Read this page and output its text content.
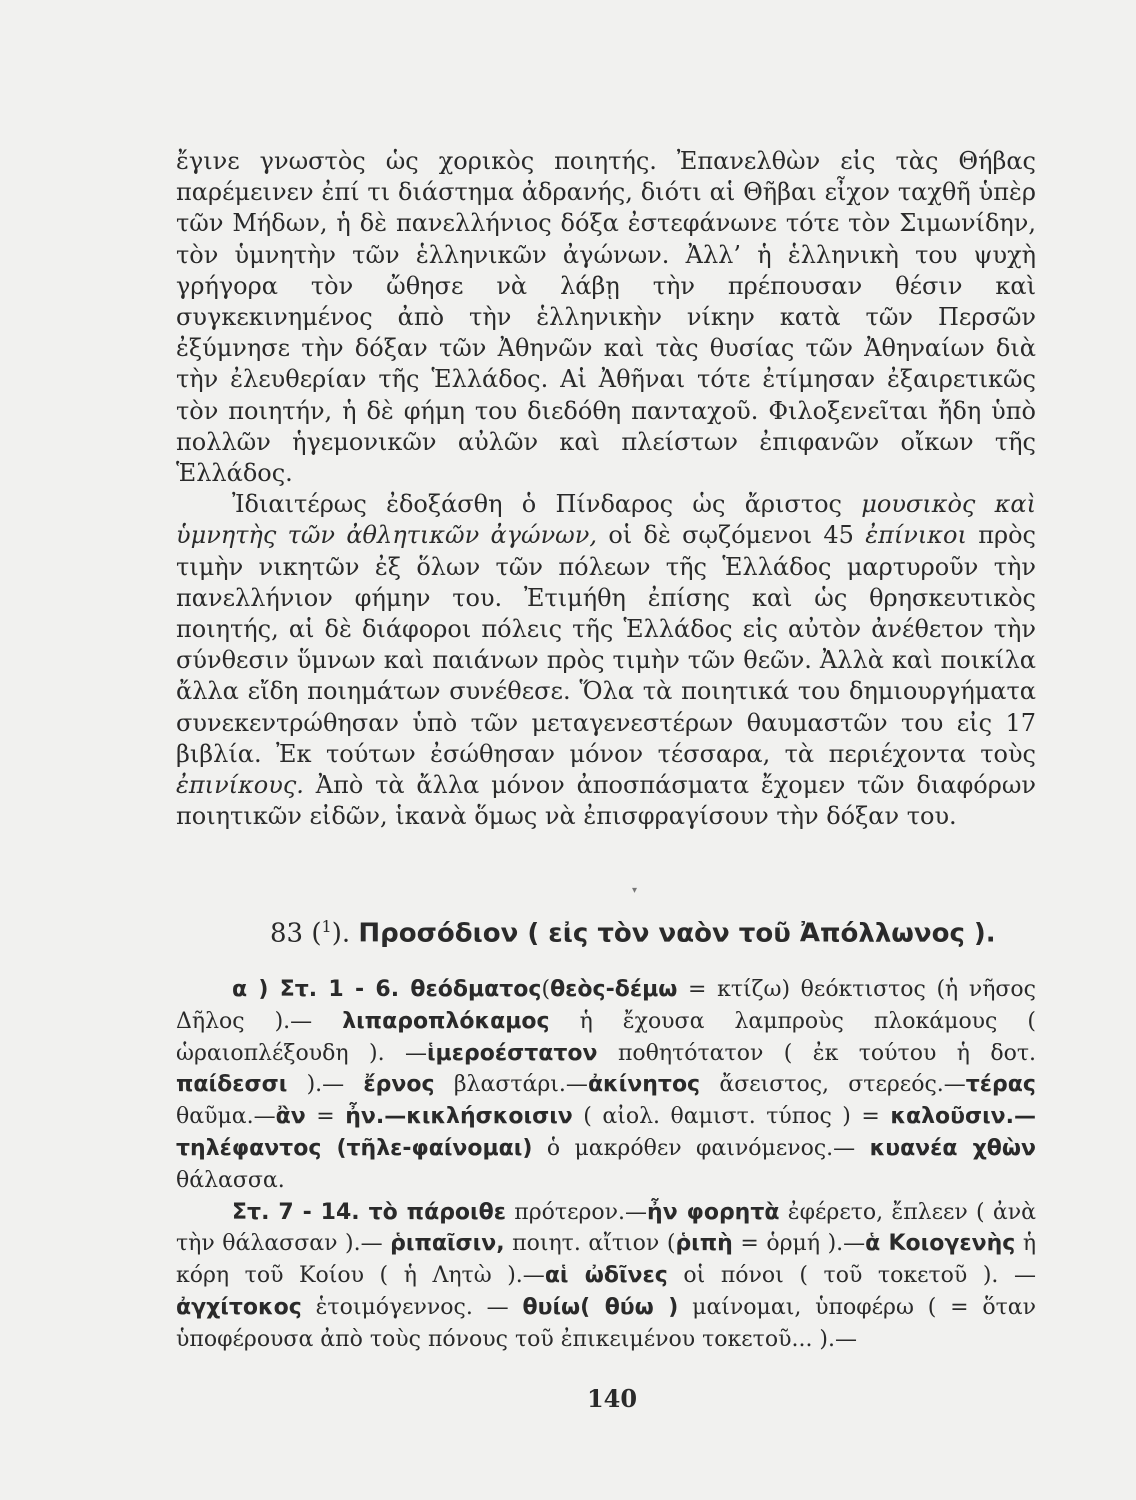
ἔγινε γνωστὸς ὡς χορικὸς ποιητής. Ἐπανελθὼν εἰς τὰς Θήβας παρέμεινεν ἐπί τι διάστημα ἀδρανής, διότι αἱ Θῆβαι εἶχον ταχθῆ ὑπὲρ τῶν Μήδων, ἡ δὲ πανελλήνιος δόξα ἐστεφάνωνε τότε τὸν Σιμωνίδην, τὸν ὑμνητὴν τῶν ἑλληνικῶν ἀγώνων. Ἀλλ’ ἡ ἑλληνικὴ του ψυχὴ γρήγορα τὸν ὤθησε νὰ λάβῃ τὴν πρέπουσαν θέσιν καὶ συγκεκινημένος ἀπὸ τὴν ἑλληνικὴν νίκην κατὰ τῶν Περσῶν ἐξύμνησε τὴν δόξαν τῶν Ἀθηνῶν καὶ τὰς θυσίας τῶν Ἀθηναίων διὰ τὴν ἐλευθερίαν τῆς Ἑλλάδος. Αἱ Ἀθῆναι τότε ἐτίμησαν ἐξαιρετικῶς τὸν ποιητήν, ἡ δὲ φήμη του διεδόθη πανταχοῦ. Φιλοξενεῖται ἤδη ὑπὸ πολλῶν ἡγεμονικῶν αὐλῶν καὶ πλείστων ἐπιφανῶν οἴκων τῆς Ἑλλάδος.

Ἰδιαιτέρως ἐδοξάσθη ὁ Πίνδαρος ὡς ἄριστος μουσικὸς καὶ ὑμνητὴς τῶν ἀθλητικῶν ἀγώνων, οἱ δὲ σῳζόμενοι 45 ἐπίνικοι πρὸς τιμὴν νικητῶν ἐξ ὅλων τῶν πόλεων τῆς Ἑλλάδος μαρτυροῦν τὴν πανελλήνιον φήμην του. Ἐτιμήθη ἐπίσης καὶ ὡς θρησκευτικὸς ποιητής, αἱ δὲ διάφοροι πόλεις τῆς Ἑλλάδος εἰς αὐτὸν ἀνέθετον τὴν σύνθεσιν ὕμνων καὶ παιάνων πρὸς τιμὴν τῶν θεῶν. Ἀλλὰ καὶ ποικίλα ἄλλα εἴδη ποιημάτων συνέθεσε. Ὅλα τὰ ποιητικά του δημιουργήματα συνεκεντρώθησαν ὑπὸ τῶν μεταγενεστέρων θαυμαστῶν του εἰς 17 βιβλία. Ἐκ τούτων ἐσώθησαν μόνον τέσσαρα, τὰ περιέχοντα τοὺς ἐπινίκους. Ἀπὸ τὰ ἄλλα μόνον ἀποσπάσματα ἔχομεν τῶν διαφόρων ποιητικῶν εἰδῶν, ἱκανὰ ὅμως νὰ ἐπισφραγίσουν τὴν δόξαν του.

▾
83 ($^1$). Προσόδιον ( εἰς τὸν ναὸν τοῦ Ἀπόλλωνος ).

α ) Στ. 1 - 6. θεόδματος(θεὸς-δέμω = κτίζω) θεόκτιστος (ἡ νῆσος Δῆλος ).— λιπαροπλόκαμος ἡ ἔχουσα λαμπροὺς πλοκάμους ( ὡραιοπλέξουδη ). —ἱμεροέστατον ποθητότατον ( ἐκ τούτου ἡ δοτ. παίδεσσι ).— ἔρνος βλαστάρι.—ἀκίνητος ἄσειστος, στερεός.—τέρας θαῦμα.—ἂν = ἦν.—κικλήσκοισιν ( αἰολ. θαμιστ. τύπος ) = καλοῦσιν.—τηλέφαντος (τῆλε-φαίνομαι) ὁ μακρόθεν φαινόμενος.— κυανέα χθὼν θάλασσα.

Στ. 7 - 14. τὸ πάροιθε πρότερον.—ἦν φορητὰ ἐφέρετο, ἔπλεεν ( ἀνὰ τὴν θάλασσαν ).— ῥιπαῖσιν, ποιητ. αἴτιον (ῥιπὴ = ὁρμή ).—ἁ Κοιογενὴς ἡ κόρη τοῦ Κοίου ( ἡ Λητὼ ).—αἱ ὠδῖνες οἱ πόνοι ( τοῦ τοκετοῦ ). — ἀγχίτοκος ἑτοιμόγεννος. — θυίω( θύω ) μαίνομαι, ὑποφέρω ( = ὅταν ὑποφέρουσα ἀπὸ τοὺς πόνους τοῦ ἐπικειμένου τοκετοῦ... ).—

140
